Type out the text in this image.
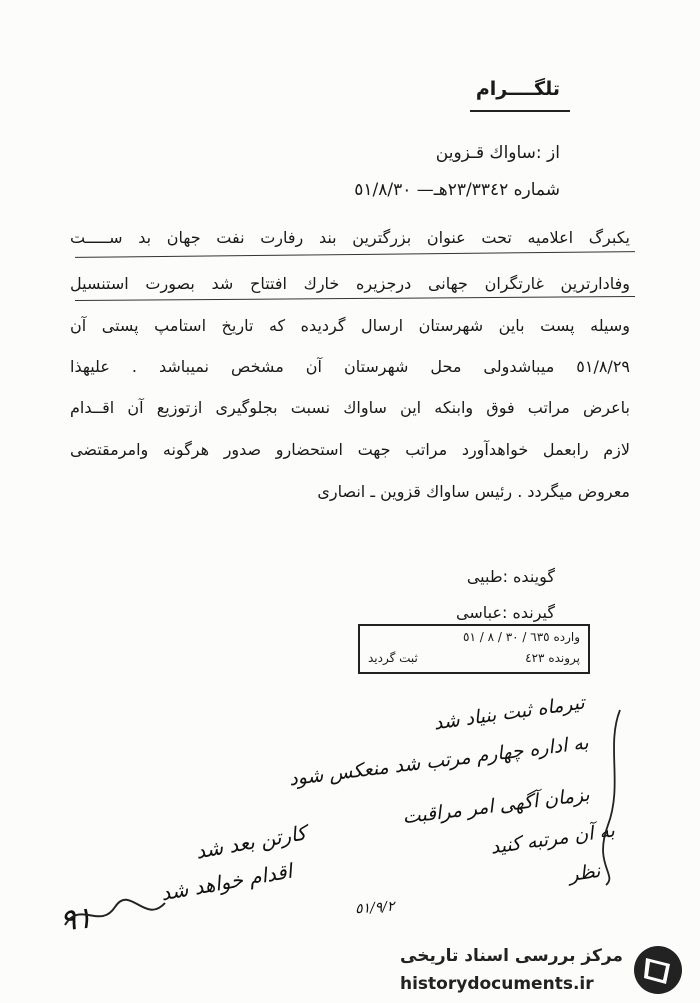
تلگــــرام
از :ساواك قـزوين
شماره ٢٣/٣٣٤٢هـ— ٥١/٨/٣٠
يكبرگ اعلاميه تحت عنوان بزرگترين بند رفارت نفت جهان بد ســـــت
وفادارترين غارتگران جهانى درجزيره خارك افتتاح شد بصورت استنسيل
وسيله پست باين شهرستان ارسال گرديده كه تاريخ استامپ پستى آن
٥١/٨/٢٩ ميباشدولى محل شهرستان آن مشخص نميباشد . عليهذا
باعرض مراتب فوق وابنكه اين ساواك نسبت بجلوگيرى ازتوزيع آن اقــدام
لازم رابعمل خواهدآورد مراتب جهت استحضارو صدور هرگونه وامرمقتضى
معروض ميگردد . رئيس ساواك قزوين ـ انصارى
گوينده :طبيى
گيرنده :عباسى
وارده ٦٣٥ / ٣٠ / ٨ / ٥١
پرونده ٤٢٣
ثبت گرديد
تيرماه ثبت بنياد شد
به اداره چهارم مرتب شد منعكس شود
بزمان آگهى امر مراقبت
به آن مرتبه كنيد
نظر
كارتن بعد شد
اقدام خواهد شد
٩١	٥١/٩/٢
مركز بررسى اسناد تاريخى
historydocuments.ir
